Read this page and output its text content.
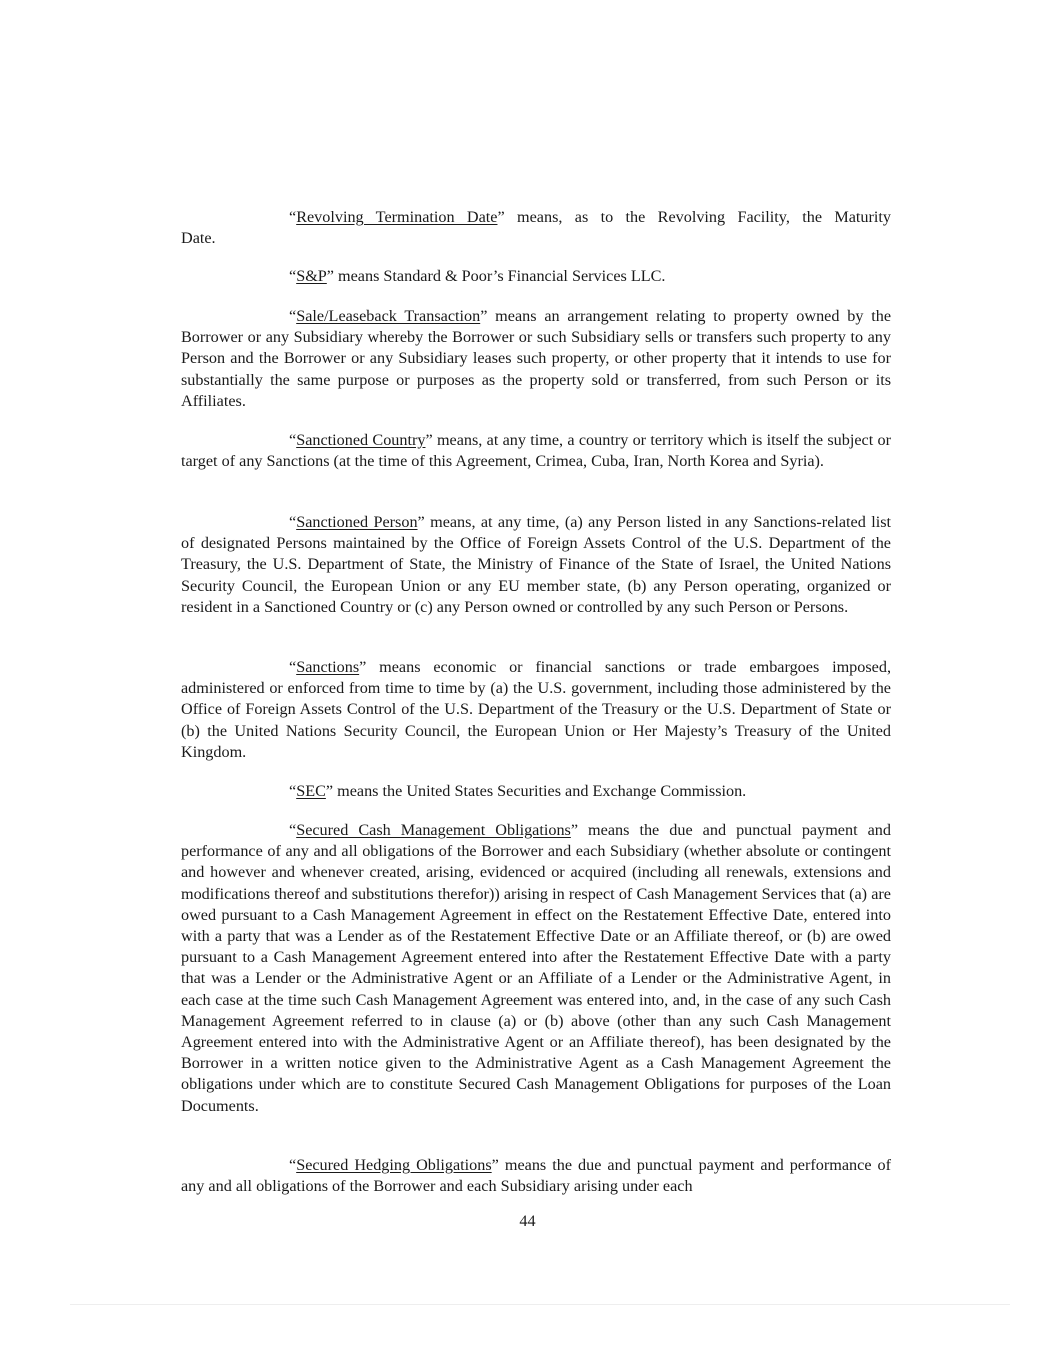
“Revolving Termination Date” means, as to the Revolving Facility, the Maturity
Date.

“S&P” means Standard & Poor’s Financial Services LLC.

“Sale/Leaseback Transaction” means an arrangement relating to property owned by the Borrower or any Subsidiary whereby the Borrower or such Subsidiary sells or transfers such property to any Person and the Borrower or any Subsidiary leases such property, or other property that it intends to use for substantially the same purpose or purposes as the property sold or transferred, from such Person or its Affiliates.

“Sanctioned Country” means, at any time, a country or territory which is itself the subject or target of any Sanctions (at the time of this Agreement, Crimea, Cuba, Iran, North Korea and Syria).

“Sanctioned Person” means, at any time, (a) any Person listed in any Sanctions-related list of designated Persons maintained by the Office of Foreign Assets Control of the U.S. Department of the Treasury, the U.S. Department of State, the Ministry of Finance of the State of Israel, the United Nations Security Council, the European Union or any EU member state, (b) any Person operating, organized or resident in a Sanctioned Country or (c) any Person owned or controlled by any such Person or Persons.

“Sanctions” means economic or financial sanctions or trade embargoes imposed, administered or enforced from time to time by (a) the U.S. government, including those administered by the Office of Foreign Assets Control of the U.S. Department of the Treasury or the U.S. Department of State or (b) the United Nations Security Council, the European Union or Her Majesty’s Treasury of the United Kingdom.

“SEC” means the United States Securities and Exchange Commission.

“Secured Cash Management Obligations” means the due and punctual payment and performance of any and all obligations of the Borrower and each Subsidiary (whether absolute or contingent and however and whenever created, arising, evidenced or acquired (including all renewals, extensions and modifications thereof and substitutions therefor)) arising in respect of Cash Management Services that (a) are owed pursuant to a Cash Management Agreement in effect on the Restatement Effective Date, entered into with a party that was a Lender as of the Restatement Effective Date or an Affiliate thereof, or (b) are owed pursuant to a Cash Management Agreement entered into after the Restatement Effective Date with a party that was a Lender or the Administrative Agent or an Affiliate of a Lender or the Administrative Agent, in each case at the time such Cash Management Agreement was entered into, and, in the case of any such Cash Management Agreement referred to in clause (a) or (b) above (other than any such Cash Management Agreement entered into with the Administrative Agent or an Affiliate thereof), has been designated by the Borrower in a written notice given to the Administrative Agent as a Cash Management Agreement the obligations under which are to constitute Secured Cash Management Obligations for purposes of the Loan Documents.

“Secured Hedging Obligations” means the due and punctual payment and performance of any and all obligations of the Borrower and each Subsidiary arising under each

44
